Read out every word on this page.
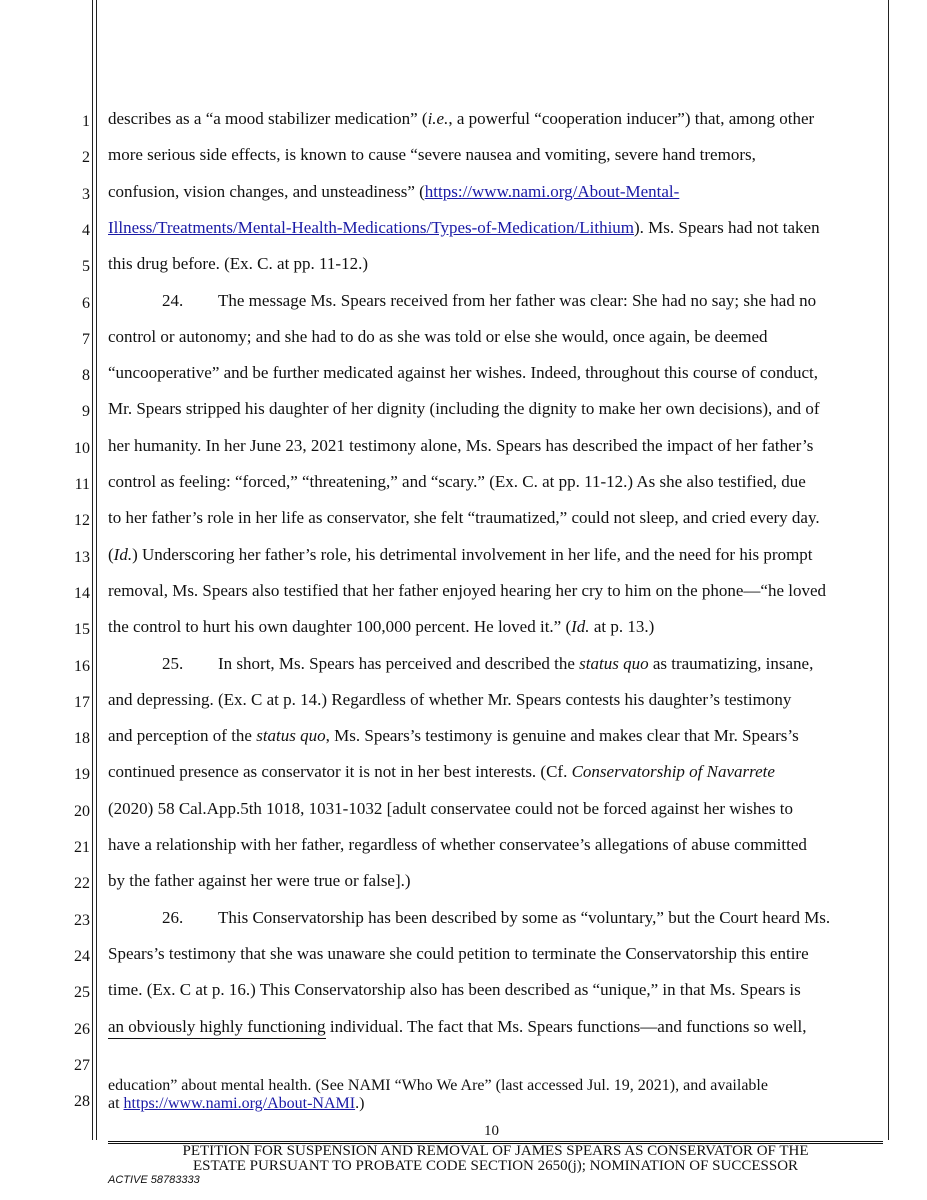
1
2
3
4
5
6
7
8
9
10
11
12
13
14
15
16
17
18
19
20
21
22
23
24
25
26
27
28
describes as a “a mood stabilizer medication” (i.e., a powerful “cooperation inducer”) that, among other
more serious side effects, is known to cause “severe nausea and vomiting, severe hand tremors,
confusion, vision changes, and unsteadiness” (https://www.nami.org/About-Mental-
Illness/Treatments/Mental-Health-Medications/Types-of-Medication/Lithium). Ms. Spears had not taken
this drug before. (Ex. C. at pp. 11-12.)
24. The message Ms. Spears received from her father was clear: She had no say; she had no
control or autonomy; and she had to do as she was told or else she would, once again, be deemed
“uncooperative” and be further medicated against her wishes. Indeed, throughout this course of conduct,
Mr. Spears stripped his daughter of her dignity (including the dignity to make her own decisions), and of
her humanity. In her June 23, 2021 testimony alone, Ms. Spears has described the impact of her father’s
control as feeling: “forced,” “threatening,” and “scary.” (Ex. C. at pp. 11-12.) As she also testified, due
to her father’s role in her life as conservator, she felt “traumatized,” could not sleep, and cried every day.
(Id.) Underscoring her father’s role, his detrimental involvement in her life, and the need for his prompt
removal, Ms. Spears also testified that her father enjoyed hearing her cry to him on the phone—“he loved
the control to hurt his own daughter 100,000 percent. He loved it.” (Id. at p. 13.)
25. In short, Ms. Spears has perceived and described the status quo as traumatizing, insane,
and depressing. (Ex. C at p. 14.) Regardless of whether Mr. Spears contests his daughter’s testimony
and perception of the status quo, Ms. Spears’s testimony is genuine and makes clear that Mr. Spears’s
continued presence as conservator it is not in her best interests. (Cf. Conservatorship of Navarrete
(2020) 58 Cal.App.5th 1018, 1031-1032 [adult conservatee could not be forced against her wishes to
have a relationship with her father, regardless of whether conservatee’s allegations of abuse committed
by the father against her were true or false].)
26. This Conservatorship has been described by some as “voluntary,” but the Court heard Ms.
Spears’s testimony that she was unaware she could petition to terminate the Conservatorship this entire
time. (Ex. C at p. 16.) This Conservatorship also has been described as “unique,” in that Ms. Spears is
an obviously highly functioning individual. The fact that Ms. Spears functions—and functions so well,
education” about mental health. (See NAMI “Who We Are” (last accessed Jul. 19, 2021), and available
at https://www.nami.org/About-NAMI.)
10
PETITION FOR SUSPENSION AND REMOVAL OF JAMES SPEARS AS CONSERVATOR OF THE
ESTATE PURSUANT TO PROBATE CODE SECTION 2650(j); NOMINATION OF SUCCESSOR
ACTIVE 58783333
